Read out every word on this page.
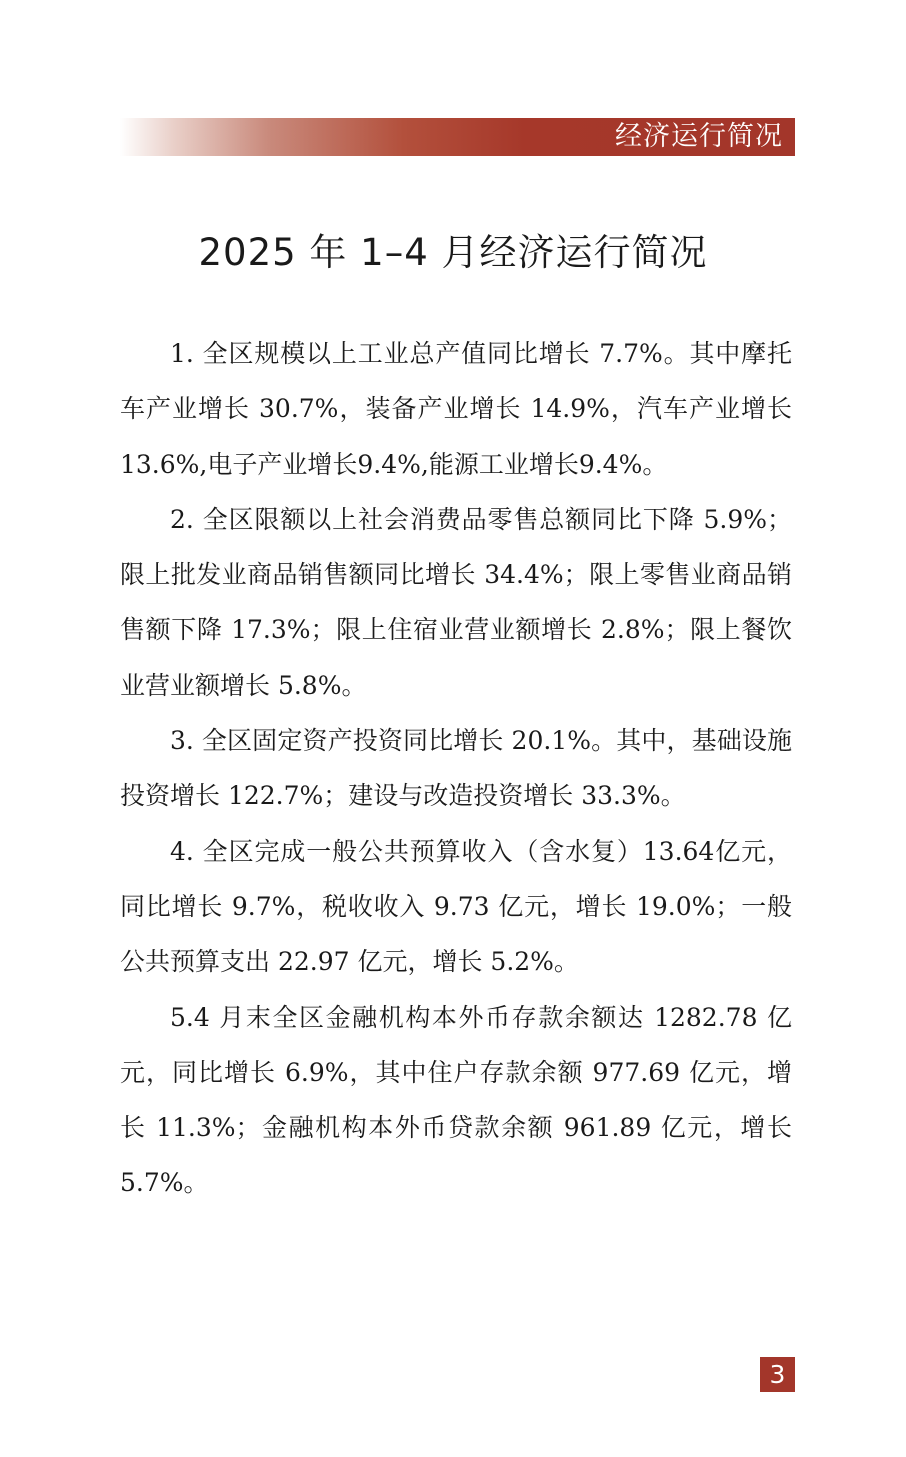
经济运行简况
2025 年 1–4 月经济运行简况

1. 全区规模以上工业总产值同比增长 7.7%。其中摩托车产业增长 30.7%，装备产业增长 14.9%，汽车产业增长13.6%,电子产业增长9.4%,能源工业增长9.4%。

2. 全区限额以上社会消费品零售总额同比下降 5.9%；限上批发业商品销售额同比增长 34.4%；限上零售业商品销售额下降 17.3%；限上住宿业营业额增长 2.8%；限上餐饮业营业额增长 5.8%。

3. 全区固定资产投资同比增长 20.1%。其中，基础设施投资增长 122.7%；建设与改造投资增长 33.3%。

4. 全区完成一般公共预算收入（含水复）13.64亿元，同比增长 9.7%，税收收入 9.73 亿元，增长 19.0%；一般公共预算支出 22.97 亿元，增长 5.2%。

5.4 月末全区金融机构本外币存款余额达 1282.78 亿元，同比增长 6.9%，其中住户存款余额 977.69 亿元，增长 11.3%；金融机构本外币贷款余额 961.89 亿元，增长 5.7%。

3
